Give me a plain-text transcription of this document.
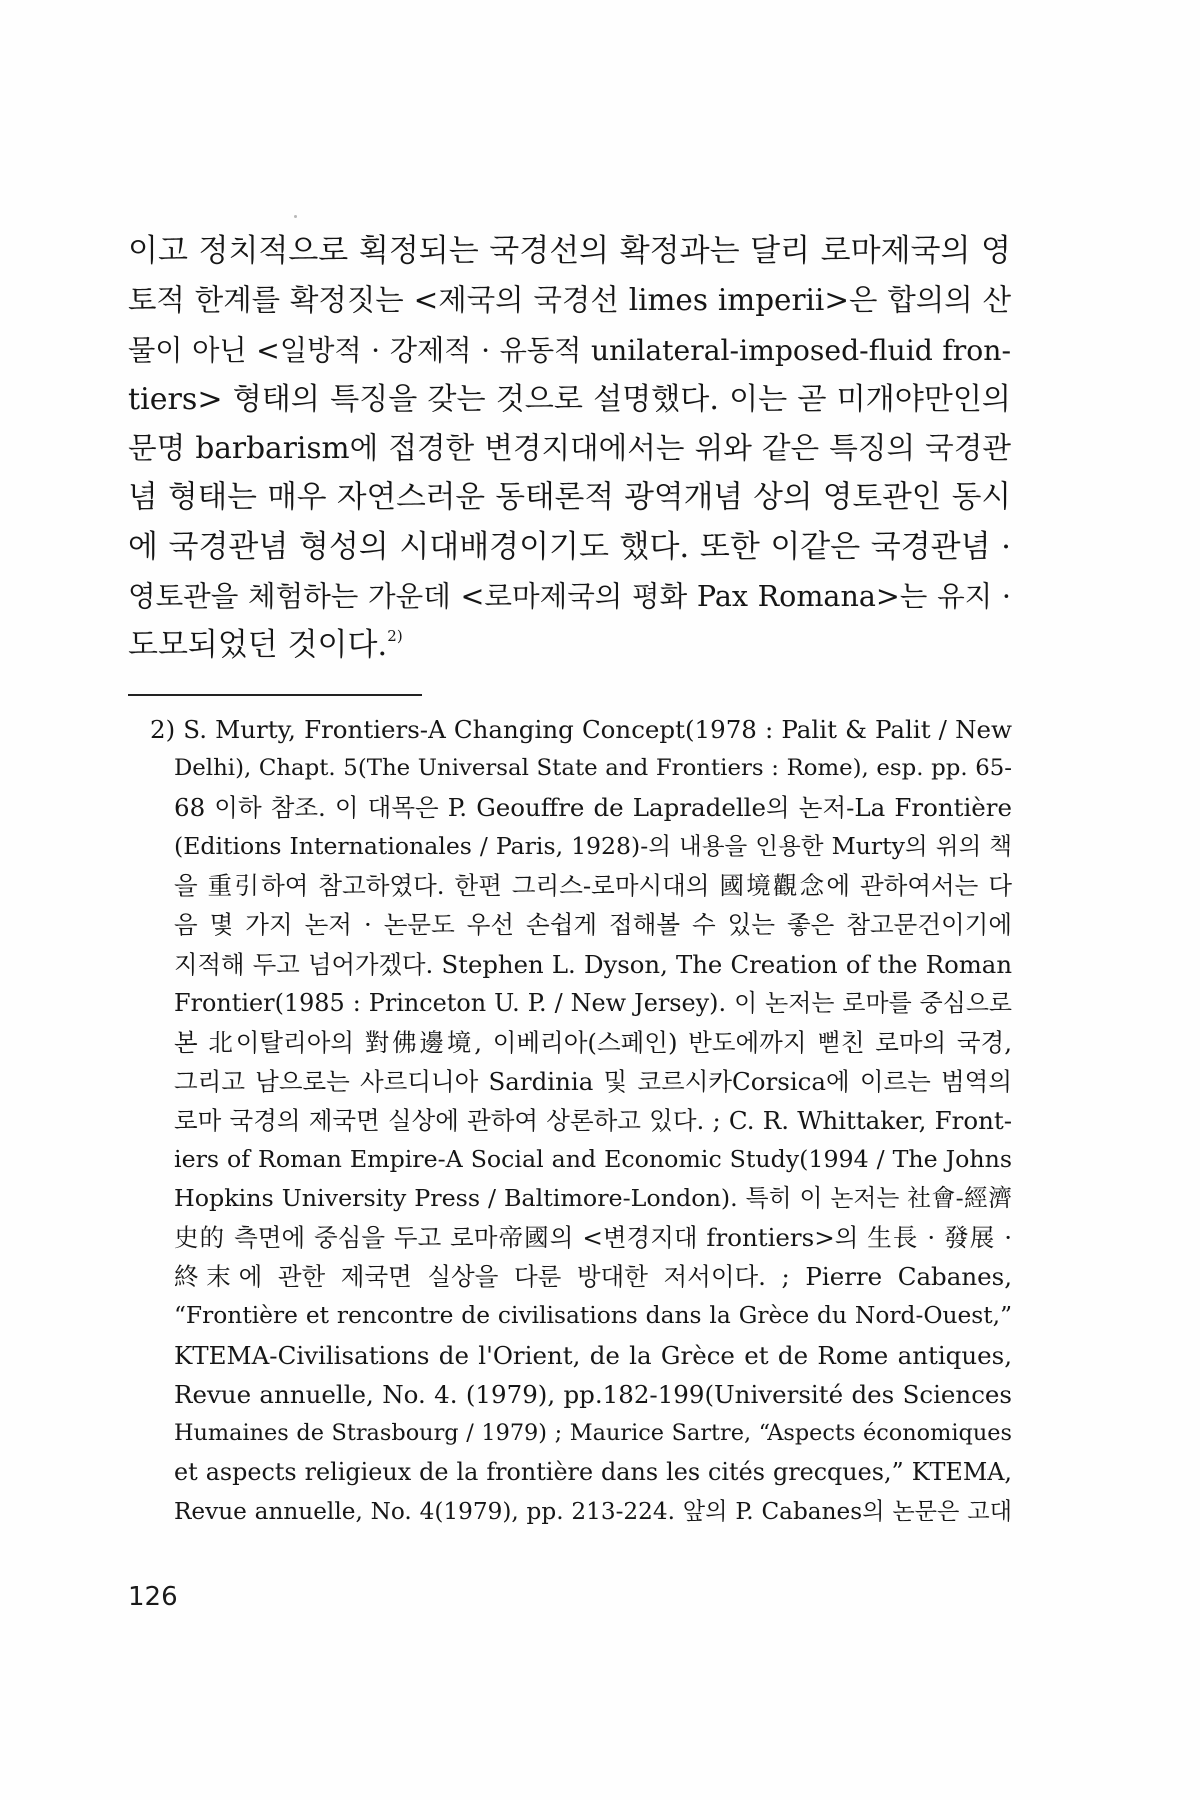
이고 정치적으로 획정되는 국경선의 확정과는 달리 로마제국의 영
토적 한계를 확정짓는 <제국의 국경선 limes imperii>은 합의의 산
물이 아닌 <일방적 · 강제적 · 유동적 unilateral-imposed-fluid fron-
tiers> 형태의 특징을 갖는 것으로 설명했다. 이는 곧 미개야만인의
문명 barbarism에 접경한 변경지대에서는 위와 같은 특징의 국경관
념 형태는 매우 자연스러운 동태론적 광역개념 상의 영토관인 동시
에 국경관념 형성의 시대배경이기도 했다. 또한 이같은 국경관념 ·
영토관을 체험하는 가운데 <로마제국의 평화 Pax Romana>는 유지 ·
도모되었던 것이다.$^{2)}$
2) S. Murty, Frontiers-A Changing Concept(1978 : Palit & Palit / New
Delhi), Chapt. 5(The Universal State and Frontiers : Rome), esp. pp. 65-
68 이하 참조. 이 대목은 P. Geouffre de Lapradelle의 논저-La Frontière
(Editions Internationales / Paris, 1928)-의 내용을 인용한 Murty의 위의 책
을 重引하여 참고하였다. 한편 그리스-로마시대의 國境觀念에 관하여서는 다
음 몇 가지 논저 · 논문도 우선 손쉽게 접해볼 수 있는 좋은 참고문건이기에
지적해 두고 넘어가겠다. Stephen L. Dyson, The Creation of the Roman
Frontier(1985 : Princeton U. P. / New Jersey). 이 논저는 로마를 중심으로
본 北이탈리아의 對佛邊境, 이베리아(스페인) 반도에까지 뻗친 로마의 국경,
그리고 남으로는 사르디니아 Sardinia 및 코르시카Corsica에 이르는 범역의
로마 국경의 제국면 실상에 관하여 상론하고 있다. ; C. R. Whittaker, Front-
iers of Roman Empire-A Social and Economic Study(1994 / The Johns
Hopkins University Press / Baltimore-London). 특히 이 논저는 社會-經濟
史的 측면에 중심을 두고 로마帝國의 <변경지대 frontiers>의 生長 · 發展 ·
終末에 관한 제국면 실상을 다룬 방대한 저서이다. ; Pierre Cabanes,
“Frontière et rencontre de civilisations dans la Grèce du Nord-Ouest,”
KTEMA-Civilisations de l'Orient, de la Grèce et de Rome antiques,
Revue annuelle, No. 4. (1979), pp.182-199(Université des Sciences
Humaines de Strasbourg / 1979) ; Maurice Sartre, “Aspects économiques
et aspects religieux de la frontière dans les cités grecques,” KTEMA,
Revue annuelle, No. 4(1979), pp. 213-224. 앞의 P. Cabanes의 논문은 고대
126
